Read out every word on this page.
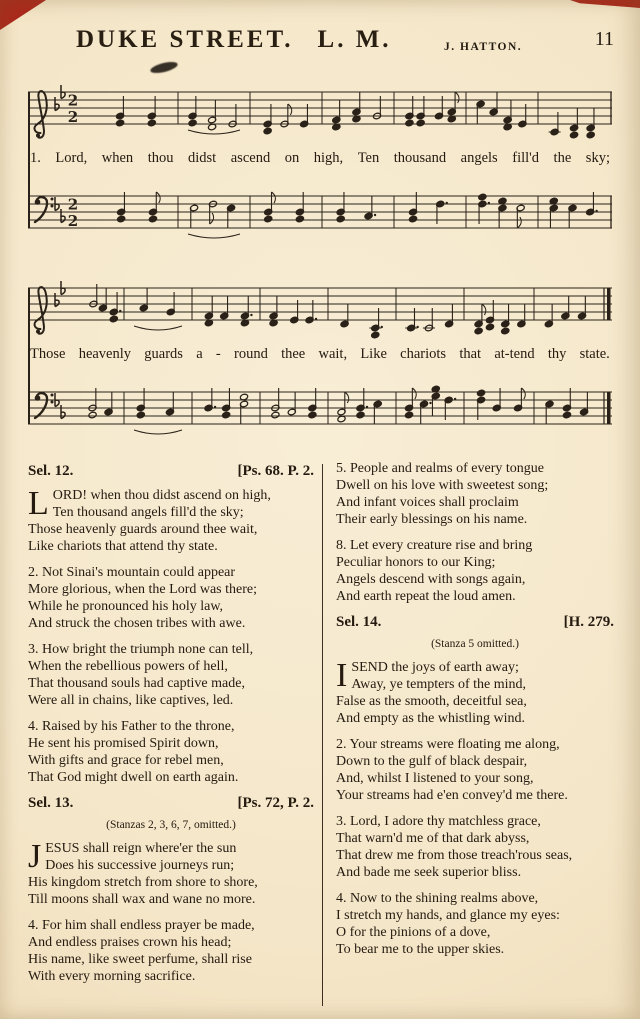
DUKE STREET. L. M.	J. HATTON.	11
2
2
1. Lord, when thou didst ascend on high, Ten thousand angels fill'd the sky;
2
2
Those heavenly guards a - round thee wait, Like chariots that at-tend thy state.
Sel. 12.	[Ps. 68. P. 2.
L ORD! when thou didst ascend on high,
Ten thousand angels fill'd the sky;
Those heavenly guards around thee wait,
Like chariots that attend thy state.
2. Not Sinai's mountain could appear
More glorious, when the Lord was there;
While he pronounced his holy law,
And struck the chosen tribes with awe.
3. How bright the triumph none can tell,
When the rebellious powers of hell,
That thousand souls had captive made,
Were all in chains, like captives, led.
4. Raised by his Father to the throne,
He sent his promised Spirit down,
With gifts and grace for rebel men,
That God might dwell on earth again.
Sel. 13.	[Ps. 72, P. 2.
(Stanzas 2, 3, 6, 7, omitted.)
J ESUS shall reign where'er the sun
Does his successive journeys run;
His kingdom stretch from shore to shore,
Till moons shall wax and wane no more.
4. For him shall endless prayer be made,
And endless praises crown his head;
His name, like sweet perfume, shall rise
With every morning sacrifice.
5. People and realms of every tongue
Dwell on his love with sweetest song;
And infant voices shall proclaim
Their early blessings on his name.
8. Let every creature rise and bring
Peculiar honors to our King;
Angels descend with songs again,
And earth repeat the loud amen.
Sel. 14.	[H. 279.
(Stanza 5 omitted.)
I SEND the joys of earth away;
Away, ye tempters of the mind,
False as the smooth, deceitful sea,
And empty as the whistling wind.
2. Your streams were floating me along,
Down to the gulf of black despair,
And, whilst I listened to your song,
Your streams had e'en convey'd me there.
3. Lord, I adore thy matchless grace,
That warn'd me of that dark abyss,
That drew me from those treach'rous seas,
And bade me seek superior bliss.
4. Now to the shining realms above,
I stretch my hands, and glance my eyes:
O for the pinions of a dove,
To bear me to the upper skies.
